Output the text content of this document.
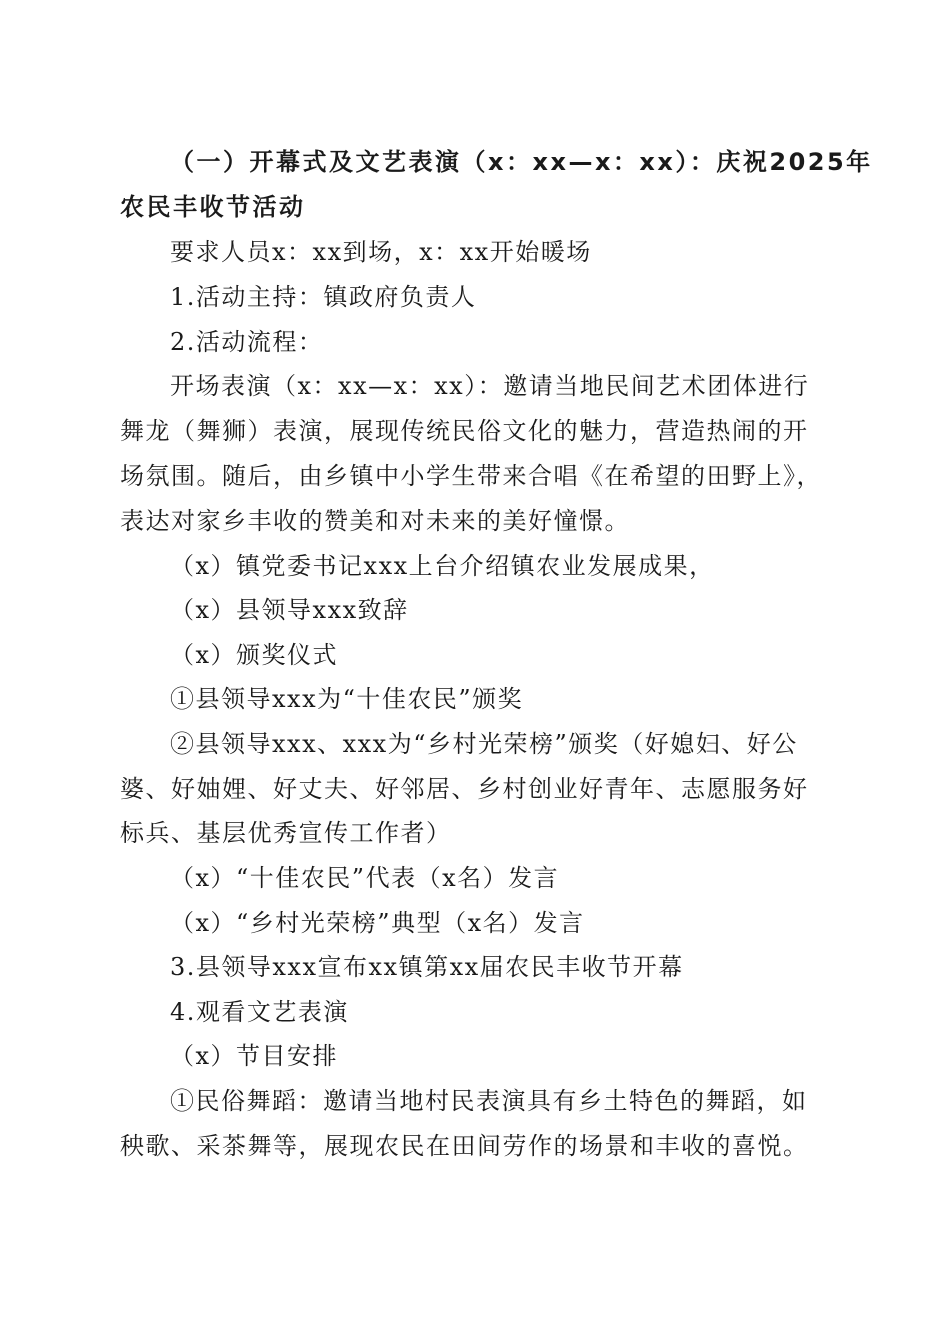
（一）开幕式及文艺表演（x：xx—x：xx）：庆祝2025年
农民丰收节活动
要求人员x：xx到场，x：xx开始暖场
1.活动主持：镇政府负责人
2.活动流程：
开场表演（x：xx—x：xx）：邀请当地民间艺术团体进行
舞龙（舞狮）表演，展现传统民俗文化的魅力，营造热闹的开
场氛围。随后，由乡镇中小学生带来合唱《在希望的田野上》，
表达对家乡丰收的赞美和对未来的美好憧憬。
（x）镇党委书记xxx上台介绍镇农业发展成果，
（x）县领导xxx致辞
（x）颁奖仪式
①县领导xxx为“十佳农民”颁奖
②县领导xxx、xxx为“乡村光荣榜”颁奖（好媳妇、好公
婆、好妯娌、好丈夫、好邻居、乡村创业好青年、志愿服务好
标兵、基层优秀宣传工作者）
（x）“十佳农民”代表（x名）发言
（x）“乡村光荣榜”典型（x名）发言
3.县领导xxx宣布xx镇第xx届农民丰收节开幕
4.观看文艺表演
（x）节目安排
①民俗舞蹈：邀请当地村民表演具有乡土特色的舞蹈，如
秧歌、采茶舞等，展现农民在田间劳作的场景和丰收的喜悦。
